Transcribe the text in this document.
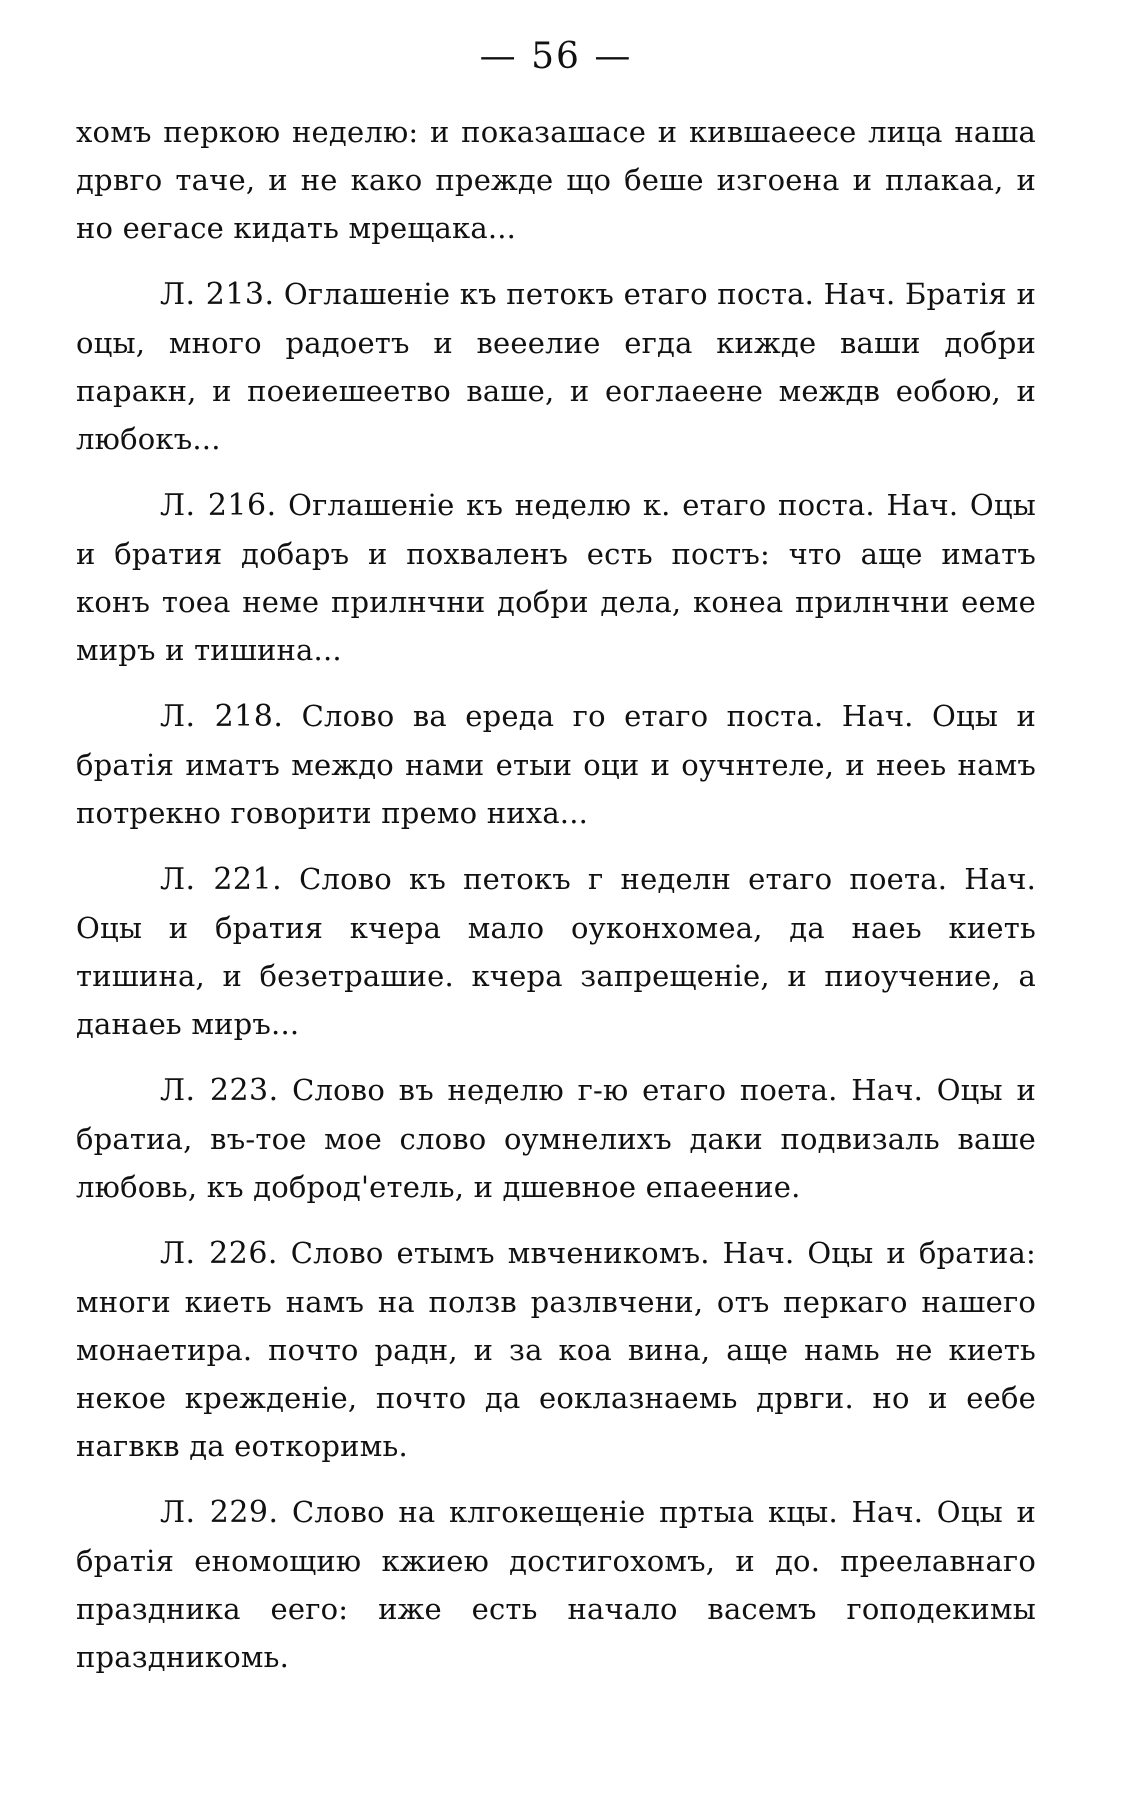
— 56 —

хомъ перкою неделю: и показашасе и кившаеесе лица наша дрвго таче, и не како прежде що беше изгоена и плакаа, и но еегасе кидать мрещака...

Л. 213. Оглашеніе къ петокъ етаго поста. Нач. Братія и оцы, много радоетъ и вееелие егда кижде ваши добри паракн, и поеиешеетво ваше, и еоглаеене междв еобою, и любокъ...

Л. 216. Оглашеніе къ неделю к. етаго поста. Нач. Оцы и братия добаръ и похваленъ есть постъ: что аще иматъ конъ тоеа неме прилнчни добри дела, конеа прилнчни ееме миръ и тишина...

Л. 218. Слово ва ереда го етаго поста. Нач. Оцы и братія иматъ междо нами етыи оци и оучнтеле, и нееь намъ потрекно говорити премо ниха...

Л. 221. Слово къ петокъ г неделн етаго поета. Нач. Оцы и братия кчера мало оуконхомеа, да наеь киеть тишина, и безетрашие. кчера запрещеніе, и пиоучение, а данаеь миръ...

Л. 223. Слово въ неделю г-ю етаго поета. Нач. Оцы и братиа, въ-тое мое слово оумнелихъ даки подвизаль ваше любовь, къ доброд'етель, и дшевное епаеение.

Л. 226. Слово етымъ мвченикомъ. Нач. Оцы и братиа: многи киеть намъ на ползв разлвчени, отъ перкаго нашего монаетира. почто радн, и за коа вина, аще намь не киеть некое крежденіе, почто да еоклазнаемь дрвги. но и еебе нагвкв да еоткоримь.

Л. 229. Слово на клгокещеніе пртыа кцы. Нач. Оцы и братія еномощию кжиею достигохомъ, и до. преелавнаго праздника еего: иже есть начало васемъ гоподекимы праздникомь.
